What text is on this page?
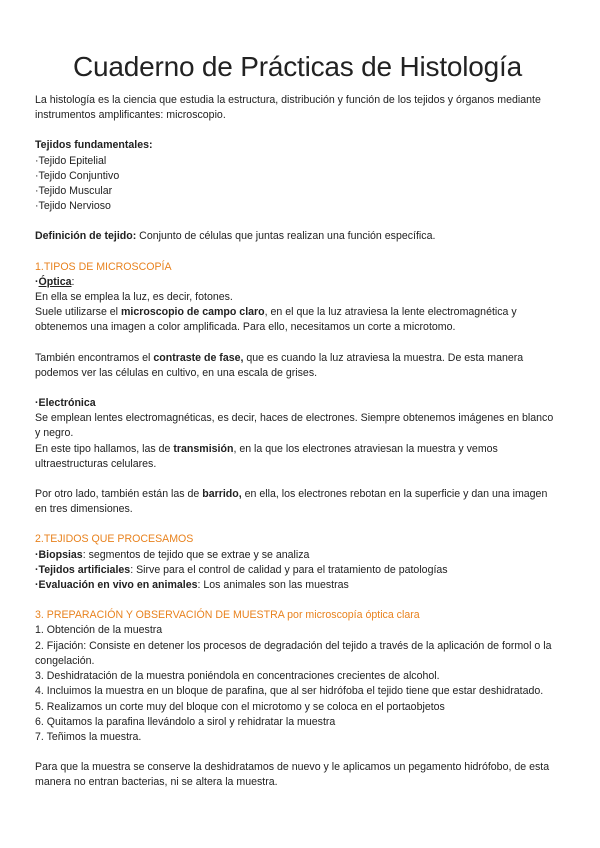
Cuaderno de Prácticas de Histología

La histología es la ciencia que estudia la estructura, distribución y función de los tejidos y órganos mediante instrumentos amplificantes: microscopio.

Tejidos fundamentales:

·Tejido Epitelial
·Tejido Conjuntivo
·Tejido Muscular
·Tejido Nervioso

Definición de tejido: Conjunto de células que juntas realizan una función específica.

1.TIPOS DE MICROSCOPÍA

·Óptica:

En ella se emplea la luz, es decir, fotones.

Suele utilizarse el microscopio de campo claro, en el que la luz atraviesa la lente electromagnética y obtenemos una imagen a color amplificada. Para ello, necesitamos un corte a microtomo.

También encontramos el contraste de fase, que es cuando la luz atraviesa la muestra. De esta manera podemos ver las células en cultivo, en una escala de grises.

·Electrónica

Se emplean lentes electromagnéticas, es decir, haces de electrones. Siempre obtenemos imágenes en blanco y negro.

En este tipo hallamos, las de transmisión, en la que los electrones atraviesan la muestra y vemos ultraestructuras celulares.

Por otro lado, también están las de barrido, en ella, los electrones rebotan en la superficie y dan una imagen en tres dimensiones.

2.TEJIDOS QUE PROCESAMOS

·Biopsias: segmentos de tejido que se extrae y se analiza
·Tejidos artificiales: Sirve para el control de calidad y para el tratamiento de patologías
·Evaluación en vivo en animales: Los animales son las muestras

3. PREPARACIÓN Y OBSERVACIÓN DE MUESTRA por microscopía óptica clara

1. Obtención de la muestra
2. Fijación: Consiste en detener los procesos de degradación del tejido a través de la aplicación de formol o la congelación.
3. Deshidratación de la muestra poniéndola en concentraciones crecientes de alcohol.
4. Incluimos la muestra en un bloque de parafina, que al ser hidrófoba el tejido tiene que estar deshidratado.
5. Realizamos un corte muy del bloque con el microtomo y se coloca en el portaobjetos
6. Quitamos la parafina llevándolo a sirol y rehidratar la muestra
7. Teñimos la muestra.

Para que la muestra se conserve la deshidratamos de nuevo y le aplicamos un pegamento hidrófobo, de esta manera no entran bacterias, ni se altera la muestra.
